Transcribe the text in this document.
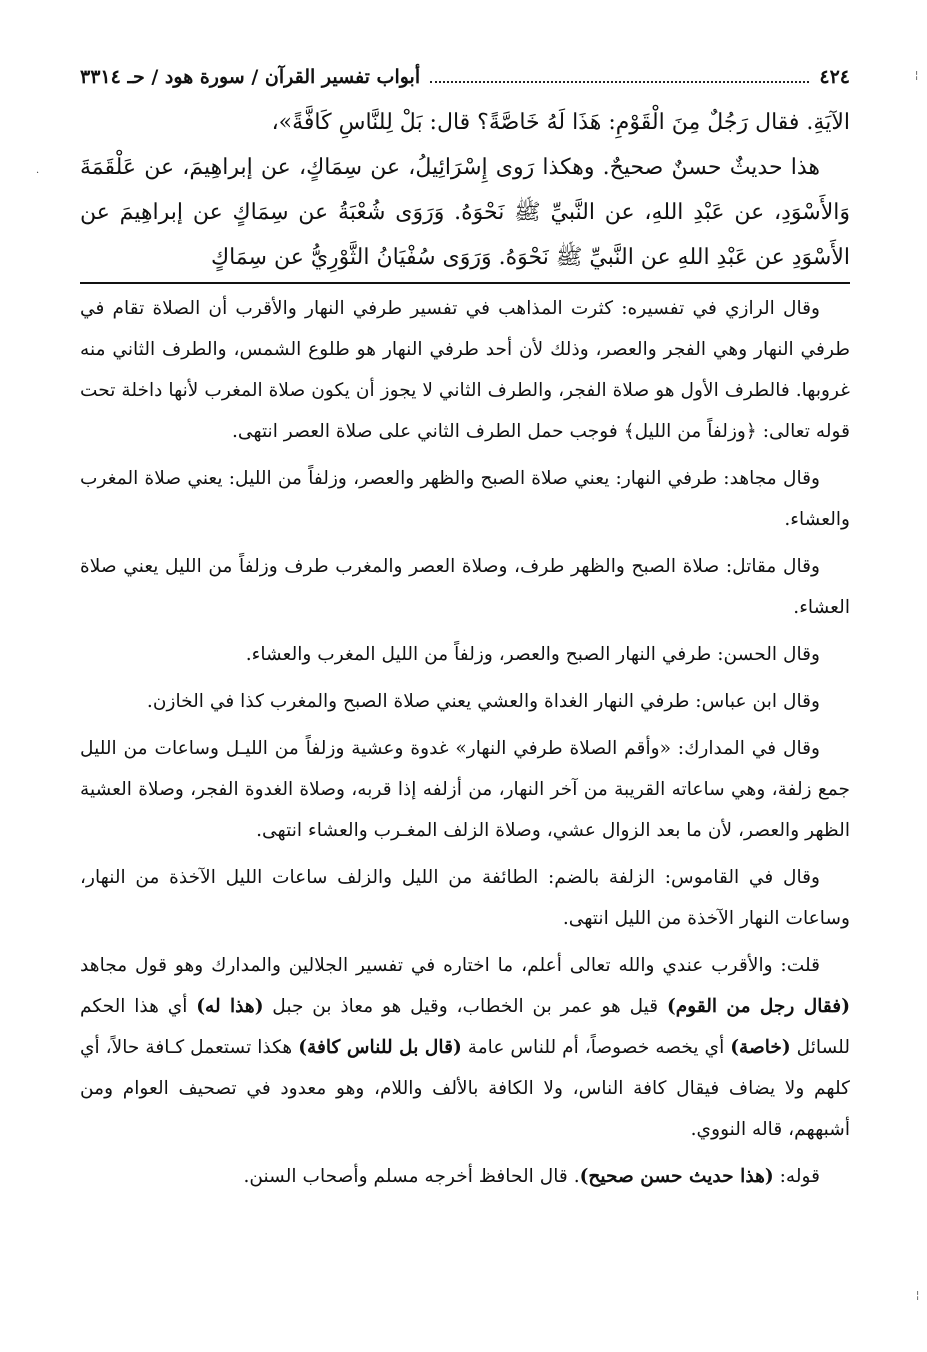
¦
·
¦
٤٢٤
أبواب تفسير القرآن / سورة هود / حـ ٣٣١٤

الآيَةِ. فقال رَجُلٌ مِنَ الْقَوْمِ: هَذَا لَهُ خَاصَّةً؟ قال: بَلْ لِلنَّاسِ كَافَّةً»،

هذا حديثٌ حسنٌ صحيحٌ. وهكذا رَوى إِسْرَائِيلُ، عن سِمَاكٍ، عن إبراهِيمَ، عن عَلْقَمَةَ وَالأَسْوَدِ، عن عَبْدِ اللهِ، عن النَّبيِّ ﷺ نَحْوَهُ. وَرَوَى شُعْبَةُ عن سِمَاكٍ عن إبراهِيمَ عن الأَسْوَدِ عن عَبْدِ اللهِ عن النَّبيِّ ﷺ نَحْوَهُ. وَرَوَى سُفْيَانُ الثَّوْرِيُّ عن سِمَاكٍ

وقال الرازي في تفسيره: كثرت المذاهب في تفسير طرفي النهار والأقرب أن الصلاة تقام في طرفي النهار وهي الفجر والعصر، وذلك لأن أحد طرفي النهار هو طلوع الشمس، والطرف الثاني منه غروبها. فالطرف الأول هو صلاة الفجر، والطرف الثاني لا يجوز أن يكون صلاة المغرب لأنها داخلة تحت قوله تعالى: ﴿وزلفاً من الليل﴾ فوجب حمل الطرف الثاني على صلاة العصر انتهى.

وقال مجاهد: طرفي النهار: يعني صلاة الصبح والظهر والعصر، وزلفاً من الليل: يعني صلاة المغرب والعشاء.

وقال مقاتل: صلاة الصبح والظهر طرف، وصلاة العصر والمغرب طرف وزلفاً من الليل يعني صلاة العشاء.

وقال الحسن: طرفي النهار الصبح والعصر، وزلفاً من الليل المغرب والعشاء.

وقال ابن عباس: طرفي النهار الغداة والعشي يعني صلاة الصبح والمغرب كذا في الخازن.

وقال في المدارك: «وأقم الصلاة طرفي النهار» غدوة وعشية وزلفاً من الليـل وساعات من الليل جمع زلفة، وهي ساعاته القريبة من آخر النهار، من أزلفه إذا قربه، وصلاة الغدوة الفجر، وصلاة العشية الظهر والعصر، لأن ما بعد الزوال عشي، وصلاة الزلف المغـرب والعشاء انتهى.

وقال في القاموس: الزلفة بالضم: الطائفة من الليل والزلف ساعات الليل الآخذة من النهار، وساعات النهار الآخذة من الليل انتهى.

قلت: والأقرب عندي والله تعالى أعلم، ما اختاره في تفسير الجلالين والمدارك وهو قول مجاهد (فقال رجل من القوم) قيل هو عمر بن الخطاب، وقيل هو معاذ بن جبل (هذا له) أي هذا الحكم للسائل (خاصة) أي يخصه خصوصاً، أم للناس عامة (قال بل للناس كافة) هكذا تستعمل كـافة حالاً، أي كلهم ولا يضاف فيقال كافة الناس، ولا الكافة بالألف واللام، وهو معدود في تصحيف العوام ومن أشبههم، قاله النووي.

قوله: (هذا حديث حسن صحيح). قال الحافظ أخرجه مسلم وأصحاب السنن.
